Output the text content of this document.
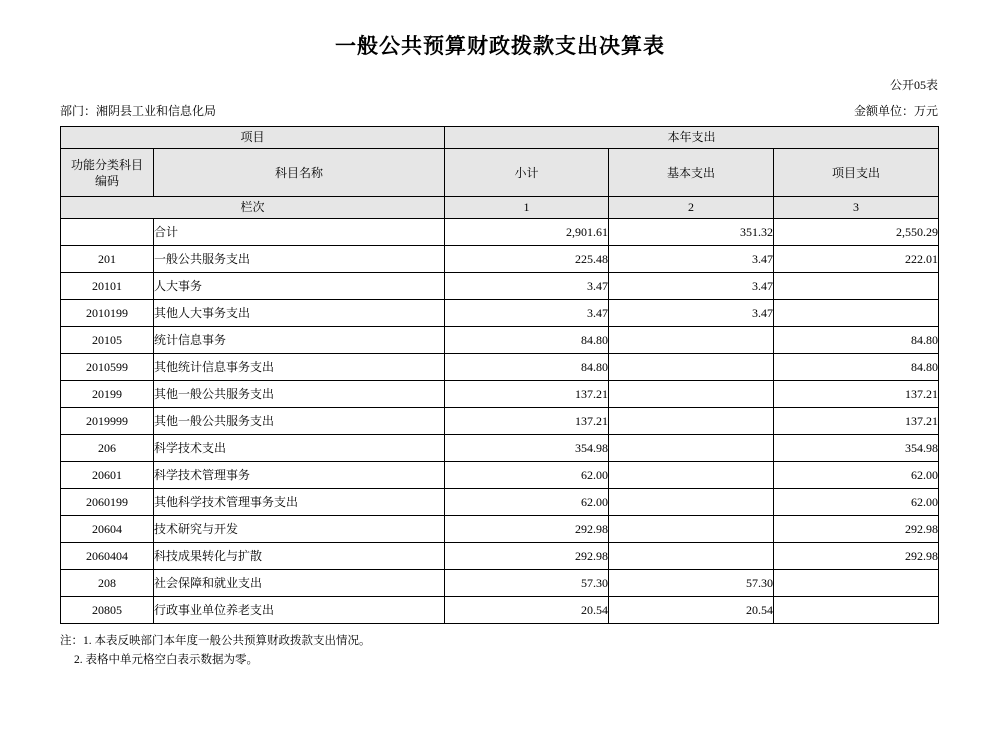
一般公共预算财政拨款支出决算表
公开05表
部门：湘阴县工业和信息化局	金额单位：万元
项目		本年支出		
功能分类科目
编码	科目名称	小计	基本支出	项目支出
栏次		1	2	3
	合计	2,901.61	351.32	2,550.29
201	一般公共服务支出	225.48	3.47	222.01
20101	人大事务	3.47	3.47	
2010199	其他人大事务支出	3.47	3.47	
20105	统计信息事务	84.80		84.80
2010599	其他统计信息事务支出	84.80		84.80
20199	其他一般公共服务支出	137.21		137.21
2019999	其他一般公共服务支出	137.21		137.21
206	科学技术支出	354.98		354.98
20601	科学技术管理事务	62.00		62.00
2060199	其他科学技术管理事务支出	62.00		62.00
20604	技术研究与开发	292.98		292.98
2060404	科技成果转化与扩散	292.98		292.98
208	社会保障和就业支出	57.30	57.30	
20805	行政事业单位养老支出	20.54	20.54	
注：1. 本表反映部门本年度一般公共预算财政拨款支出情况。
2. 表格中单元格空白表示数据为零。
